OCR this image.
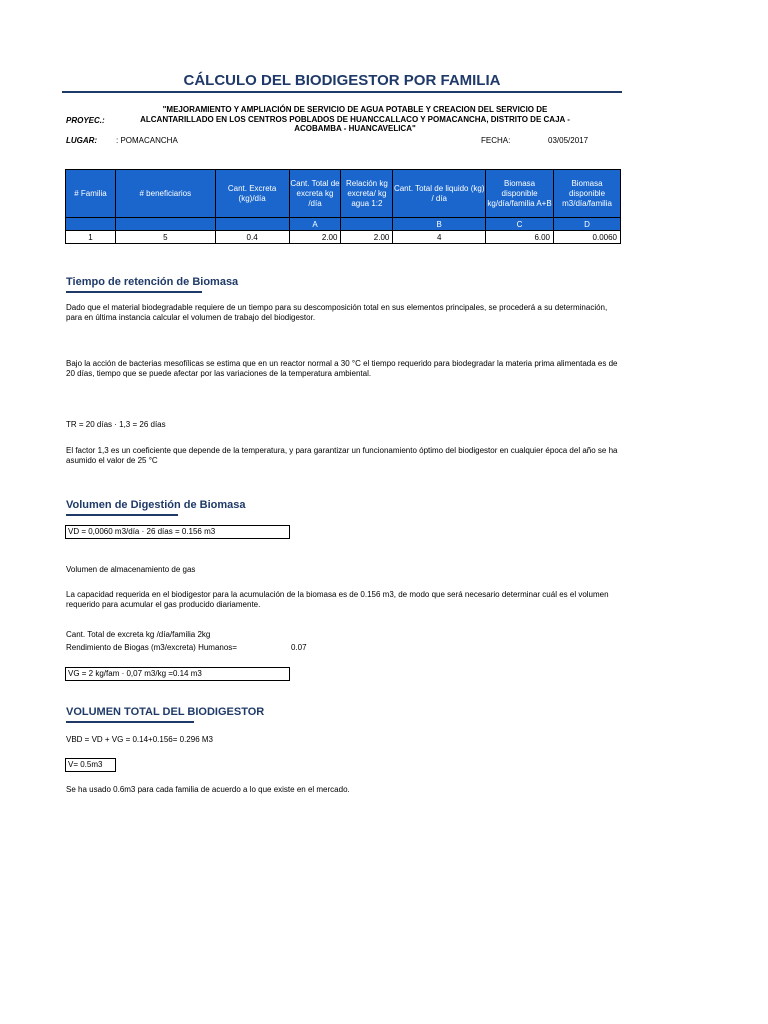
CÁLCULO DEL BIODIGESTOR POR FAMILIA
PROYEC.:
"MEJORAMIENTO Y AMPLIACIÓN DE SERVICIO DE AGUA POTABLE Y CREACION DEL SERVICIO DE
ALCANTARILLADO EN LOS CENTROS POBLADOS DE HUANCCALLACO Y POMACANCHA, DISTRITO DE CAJA -
ACOBAMBA - HUANCAVELICA"
LUGAR: : POMACANCHA	FECHA:	03/05/2017
# Familia	# beneficiarios	Cant. Excreta (kg)/día	Cant. Total de excreta kg /día	Relación kg excreta/ kg agua 1:2	Cant. Total de liquido (kg) / día	Biomasa disponible kg/día/familia A+B	Biomasa disponible m3/día/familia
			A		B	C	D
1	5	0.4	2.00	2.00	4	6.00	0.0060
Tiempo de retención de Biomasa
Dado que el material biodegradable requiere de un tiempo para su descomposición total en sus elementos principales, se procederá a su determinación, para en última instancia calcular el volumen de trabajo del biodigestor.
Bajo la acción de bacterias mesofílicas se estima que en un reactor normal a 30 °C el tiempo requerido para biodegradar la materia prima alimentada es de 20 días, tiempo que se puede afectar por las variaciones de la temperatura ambiental.
TR = 20 días · 1,3 = 26 días
El factor 1,3 es un coeficiente que depende de la temperatura, y para garantizar un funcionamiento óptimo del biodigestor en cualquier época del año se ha asumido el valor de 25 °C
Volumen de Digestión de Biomasa
VD = 0,0060 m3/día · 26 días = 0.156 m3
Volumen de almacenamiento de gas
La capacidad requerida en el biodigestor para la acumulación de la biomasa es de 0.156 m3, de modo que será necesario determinar cuál es el volumen requerido para acumular el gas producido diariamente.
Cant. Total de excreta kg /día/familia 2kg
Rendimiento de Biogas (m3/excreta) Humanos=	0.07
VG = 2 kg/fam · 0,07 m3/kg =0.14 m3
VOLUMEN TOTAL DEL BIODIGESTOR
VBD = VD + VG = 0.14+0.156= 0.296 M3
V= 0.5m3
Se ha usado 0.6m3 para cada familia de acuerdo a lo que existe en el mercado.
